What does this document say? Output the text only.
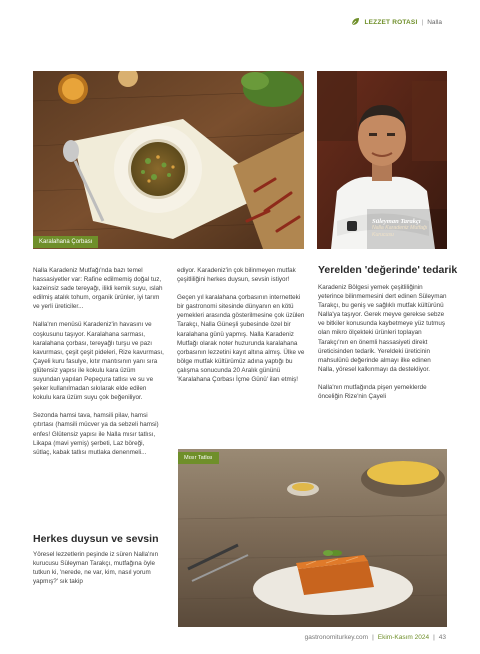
LEZZET ROTASI | Nalla
Karalahana Çorbası
Süleyman Tarakçı
Nalla Karadeniz Mutfağı Kurucusu

Nalla Karadeniz Mutfağı'nda bazı temel hassasiyetler var: Rafine edilmemiş doğal tuz, kazeinsiz sade tereyağı, ilikli kemik suyu, ıslah edilmiş atalık tohum, organik ürünler, iyi tarım ve yerli üreticiler...

Nalla'nın menüsü Karadeniz'in havasını ve coşkusunu taşıyor. Karalahana sarması, karalahana çorbası, tereyağlı turşu ve pazı kavurması, çeşit çeşit pideleri, Rize kavurması, Çayeli kuru fasulye, kıtır mantısının yanı sıra glütensiz yapısı ile kokulu kara üzüm suyundan yapılan Pepeçura tatlısı ve su ve şeker kullanılmadan sıkılarak elde edilen kokulu kara üzüm suyu çok beğeniliyor.

Sezonda hamsi tava, hamsili pilav, hamsi çıtırtası (hamsili mücver ya da sebzeli hamsi) enfes! Glütensiz yapısı ile Nalla mısır tatlısı, Likapa (mavi yemiş) şerbeti, Laz böreği, sütlaç, kabak tatlısı mutlaka denenmeli...

Herkes duysun ve sevsin

Yöresel lezzetlerin peşinde iz süren Nalla'nın kurucusu Süleyman Tarakçı, mutfağına öyle tutkun ki, 'nerede, ne var, kim, nasıl yorum yapmış?' sık takip

ediyor. Karadeniz'in çok bilinmeyen mutfak çeşitliliğini herkes duysun, sevsin istiyor!

Geçen yıl karalahana çorbasının internetteki bir gastronomi sitesinde dünyanın en kötü yemekleri arasında gösterilmesine çok üzülen Tarakçı, Nalla Güneşli şubesinde özel bir karalahana günü yapmış. Nalla Karadeniz Mutfağı olarak noter huzurunda karalahana çorbasının lezzetini kayıt altına almış. Ülke ve bölge mutfak kültürümüz adına yaptığı bu çalışma sonucunda 20 Aralık gününü 'Karalahana Çorbası İçme Günü' ilan etmiş!

Yerelden 'değerinde' tedarik

Karadeniz Bölgesi yemek çeşitliliğinin yeterince bilinmemesini dert edinen Süleyman Tarakçı, bu geniş ve sağlıklı mutfak kültürünü Nalla'ya taşıyor. Gerek meyve gerekse sebze ve bitkiler konusunda kaybetmeye yüz tutmuş olan mikro ölçekteki ürünleri toplayan Tarakçı'nın en önemli hassasiyeti direkt üreticisinden tedarik. Yereldeki üreticinin mahsulünü değerinde almayı ilke edinen Nalla, yöresel kalkınmayı da destekliyor.

Nalla'nın mutfağında pişen yemeklerde önceliğin Rize'nin Çayeli

Mısır Tatlısı
gastronomiturkey.com | Ekim-Kasım 2024 | 43
